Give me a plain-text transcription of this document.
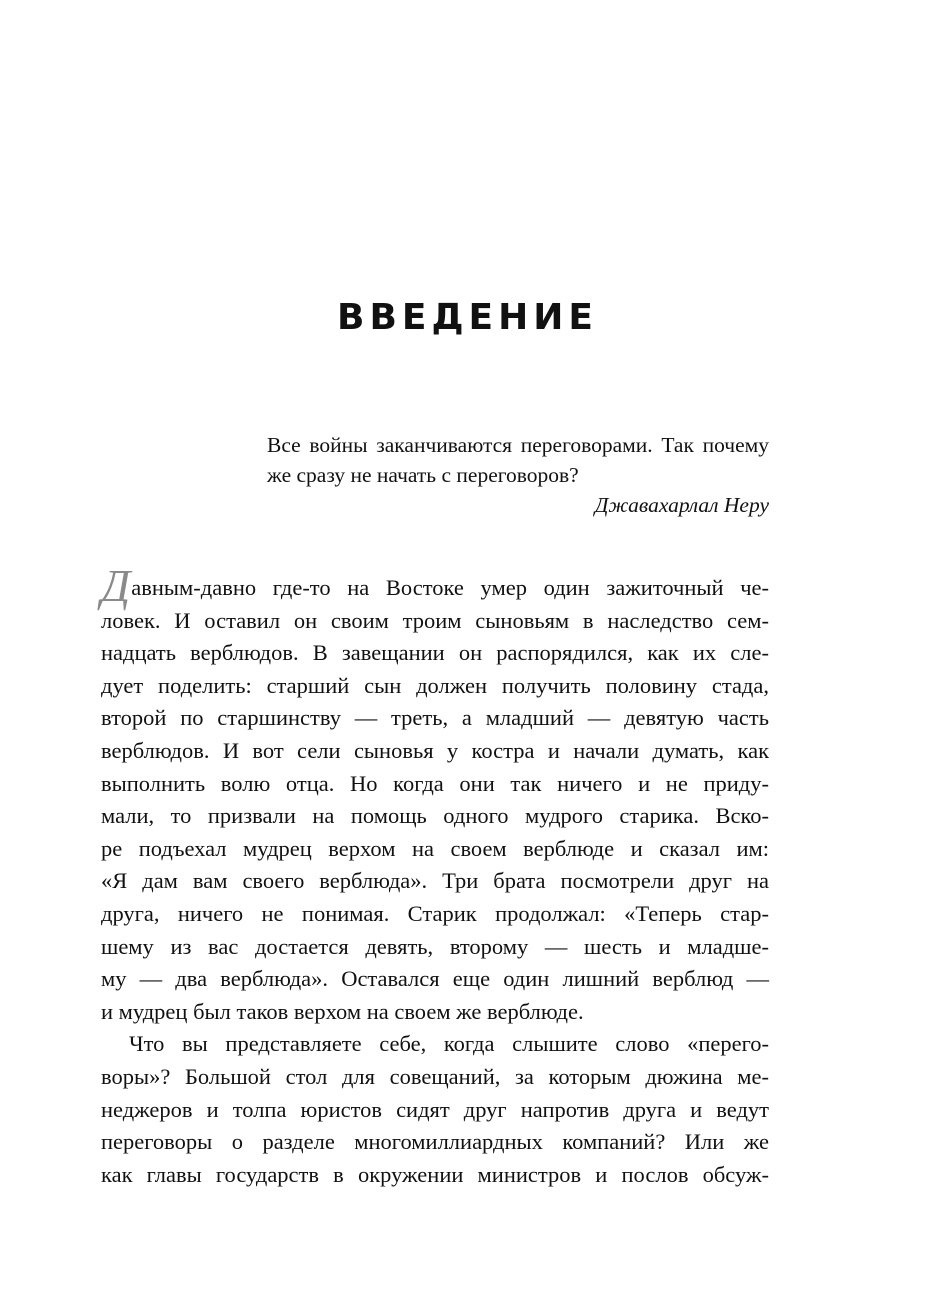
ВВЕДЕНИЕ

Все войны заканчиваются переговорами. Так почему
же сразу не начать с переговоров?

Джавахарлал Неру

Давным-давно где-то на Востоке умер один зажиточный че-
ловек. И оставил он своим троим сыновьям в наследство сем-
надцать верблюдов. В завещании он распорядился, как их сле-
дует поделить: старший сын должен получить половину стада,
второй по старшинству — треть, а младший — девятую часть
верблюдов. И вот сели сыновья у костра и начали думать, как
выполнить волю отца. Но когда они так ничего и не приду-
мали, то призвали на помощь одного мудрого старика. Вско-
ре подъехал мудрец верхом на своем верблюде и сказал им:
«Я дам вам своего верблюда». Три брата посмотрели друг на
друга, ничего не понимая. Старик продолжал: «Теперь стар-
шему из вас достается девять, второму — шесть и младше-
му — два верблюда». Оставался еще один лишний верблюд —
и мудрец был таков верхом на своем же верблюде.

Что вы представляете себе, когда слышите слово «перего-
воры»? Большой стол для совещаний, за которым дюжина ме-
неджеров и толпа юристов сидят друг напротив друга и ведут
переговоры о разделе многомиллиардных компаний? Или же
как главы государств в окружении министров и послов обсуж-
